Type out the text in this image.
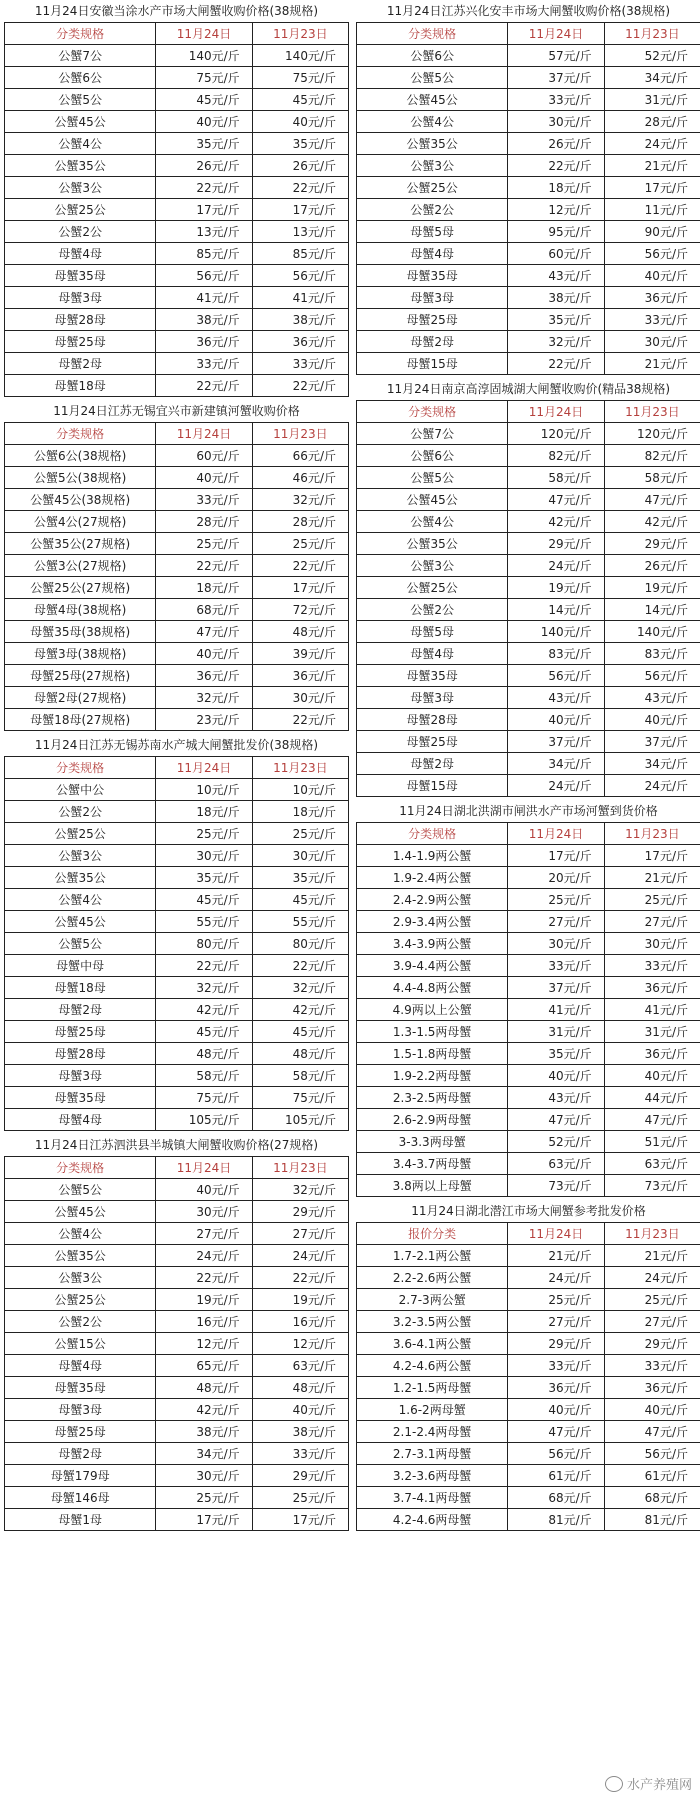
11月24日安徽当涂水产市场大闸蟹收购价格(38规格)
分类规格	11月24日	11月23日
公蟹7公	140元/斤	140元/斤
公蟹6公	75元/斤	75元/斤
公蟹5公	45元/斤	45元/斤
公蟹45公	40元/斤	40元/斤
公蟹4公	35元/斤	35元/斤
公蟹35公	26元/斤	26元/斤
公蟹3公	22元/斤	22元/斤
公蟹25公	17元/斤	17元/斤
公蟹2公	13元/斤	13元/斤
母蟹4母	85元/斤	85元/斤
母蟹35母	56元/斤	56元/斤
母蟹3母	41元/斤	41元/斤
母蟹28母	38元/斤	38元/斤
母蟹25母	36元/斤	36元/斤
母蟹2母	33元/斤	33元/斤
母蟹18母	22元/斤	22元/斤
11月24日江苏无锡宜兴市新建镇河蟹收购价格
分类规格	11月24日	11月23日
公蟹6公(38规格)	60元/斤	66元/斤
公蟹5公(38规格)	40元/斤	46元/斤
公蟹45公(38规格)	33元/斤	32元/斤
公蟹4公(27规格)	28元/斤	28元/斤
公蟹35公(27规格)	25元/斤	25元/斤
公蟹3公(27规格)	22元/斤	22元/斤
公蟹25公(27规格)	18元/斤	17元/斤
母蟹4母(38规格)	68元/斤	72元/斤
母蟹35母(38规格)	47元/斤	48元/斤
母蟹3母(38规格)	40元/斤	39元/斤
母蟹25母(27规格)	36元/斤	36元/斤
母蟹2母(27规格)	32元/斤	30元/斤
母蟹18母(27规格)	23元/斤	22元/斤
11月24日江苏无锡苏南水产城大闸蟹批发价(38规格)
分类规格	11月24日	11月23日
公蟹中公	10元/斤	10元/斤
公蟹2公	18元/斤	18元/斤
公蟹25公	25元/斤	25元/斤
公蟹3公	30元/斤	30元/斤
公蟹35公	35元/斤	35元/斤
公蟹4公	45元/斤	45元/斤
公蟹45公	55元/斤	55元/斤
公蟹5公	80元/斤	80元/斤
母蟹中母	22元/斤	22元/斤
母蟹18母	32元/斤	32元/斤
母蟹2母	42元/斤	42元/斤
母蟹25母	45元/斤	45元/斤
母蟹28母	48元/斤	48元/斤
母蟹3母	58元/斤	58元/斤
母蟹35母	75元/斤	75元/斤
母蟹4母	105元/斤	105元/斤
11月24日江苏泗洪县半城镇大闸蟹收购价格(27规格)
分类规格	11月24日	11月23日
公蟹5公	40元/斤	32元/斤
公蟹45公	30元/斤	29元/斤
公蟹4公	27元/斤	27元/斤
公蟹35公	24元/斤	24元/斤
公蟹3公	22元/斤	22元/斤
公蟹25公	19元/斤	19元/斤
公蟹2公	16元/斤	16元/斤
公蟹15公	12元/斤	12元/斤
母蟹4母	65元/斤	63元/斤
母蟹35母	48元/斤	48元/斤
母蟹3母	42元/斤	40元/斤
母蟹25母	38元/斤	38元/斤
母蟹2母	34元/斤	33元/斤
母蟹179母	30元/斤	29元/斤
母蟹146母	25元/斤	25元/斤
母蟹1母	17元/斤	17元/斤
11月24日江苏兴化安丰市场大闸蟹收购价格(38规格)
分类规格	11月24日	11月23日
公蟹6公	57元/斤	52元/斤
公蟹5公	37元/斤	34元/斤
公蟹45公	33元/斤	31元/斤
公蟹4公	30元/斤	28元/斤
公蟹35公	26元/斤	24元/斤
公蟹3公	22元/斤	21元/斤
公蟹25公	18元/斤	17元/斤
公蟹2公	12元/斤	11元/斤
母蟹5母	95元/斤	90元/斤
母蟹4母	60元/斤	56元/斤
母蟹35母	43元/斤	40元/斤
母蟹3母	38元/斤	36元/斤
母蟹25母	35元/斤	33元/斤
母蟹2母	32元/斤	30元/斤
母蟹15母	22元/斤	21元/斤
11月24日南京高淳固城湖大闸蟹收购价(精品38规格)
分类规格	11月24日	11月23日
公蟹7公	120元/斤	120元/斤
公蟹6公	82元/斤	82元/斤
公蟹5公	58元/斤	58元/斤
公蟹45公	47元/斤	47元/斤
公蟹4公	42元/斤	42元/斤
公蟹35公	29元/斤	29元/斤
公蟹3公	24元/斤	26元/斤
公蟹25公	19元/斤	19元/斤
公蟹2公	14元/斤	14元/斤
母蟹5母	140元/斤	140元/斤
母蟹4母	83元/斤	83元/斤
母蟹35母	56元/斤	56元/斤
母蟹3母	43元/斤	43元/斤
母蟹28母	40元/斤	40元/斤
母蟹25母	37元/斤	37元/斤
母蟹2母	34元/斤	34元/斤
母蟹15母	24元/斤	24元/斤
11月24日湖北洪湖市闸洪水产市场河蟹到货价格
分类规格	11月24日	11月23日
1.4-1.9两公蟹	17元/斤	17元/斤
1.9-2.4两公蟹	20元/斤	21元/斤
2.4-2.9两公蟹	25元/斤	25元/斤
2.9-3.4两公蟹	27元/斤	27元/斤
3.4-3.9两公蟹	30元/斤	30元/斤
3.9-4.4两公蟹	33元/斤	33元/斤
4.4-4.8两公蟹	37元/斤	36元/斤
4.9两以上公蟹	41元/斤	41元/斤
1.3-1.5两母蟹	31元/斤	31元/斤
1.5-1.8两母蟹	35元/斤	36元/斤
1.9-2.2两母蟹	40元/斤	40元/斤
2.3-2.5两母蟹	43元/斤	44元/斤
2.6-2.9两母蟹	47元/斤	47元/斤
3-3.3两母蟹	52元/斤	51元/斤
3.4-3.7两母蟹	63元/斤	63元/斤
3.8两以上母蟹	73元/斤	73元/斤
11月24日湖北潜江市场大闸蟹参考批发价格
报价分类	11月24日	11月23日
1.7-2.1两公蟹	21元/斤	21元/斤
2.2-2.6两公蟹	24元/斤	24元/斤
2.7-3两公蟹	25元/斤	25元/斤
3.2-3.5两公蟹	27元/斤	27元/斤
3.6-4.1两公蟹	29元/斤	29元/斤
4.2-4.6两公蟹	33元/斤	33元/斤
1.2-1.5两母蟹	36元/斤	36元/斤
1.6-2两母蟹	40元/斤	40元/斤
2.1-2.4两母蟹	47元/斤	47元/斤
2.7-3.1两母蟹	56元/斤	56元/斤
3.2-3.6两母蟹	61元/斤	61元/斤
3.7-4.1两母蟹	68元/斤	68元/斤
4.2-4.6两母蟹	81元/斤	81元/斤
水产养殖网
